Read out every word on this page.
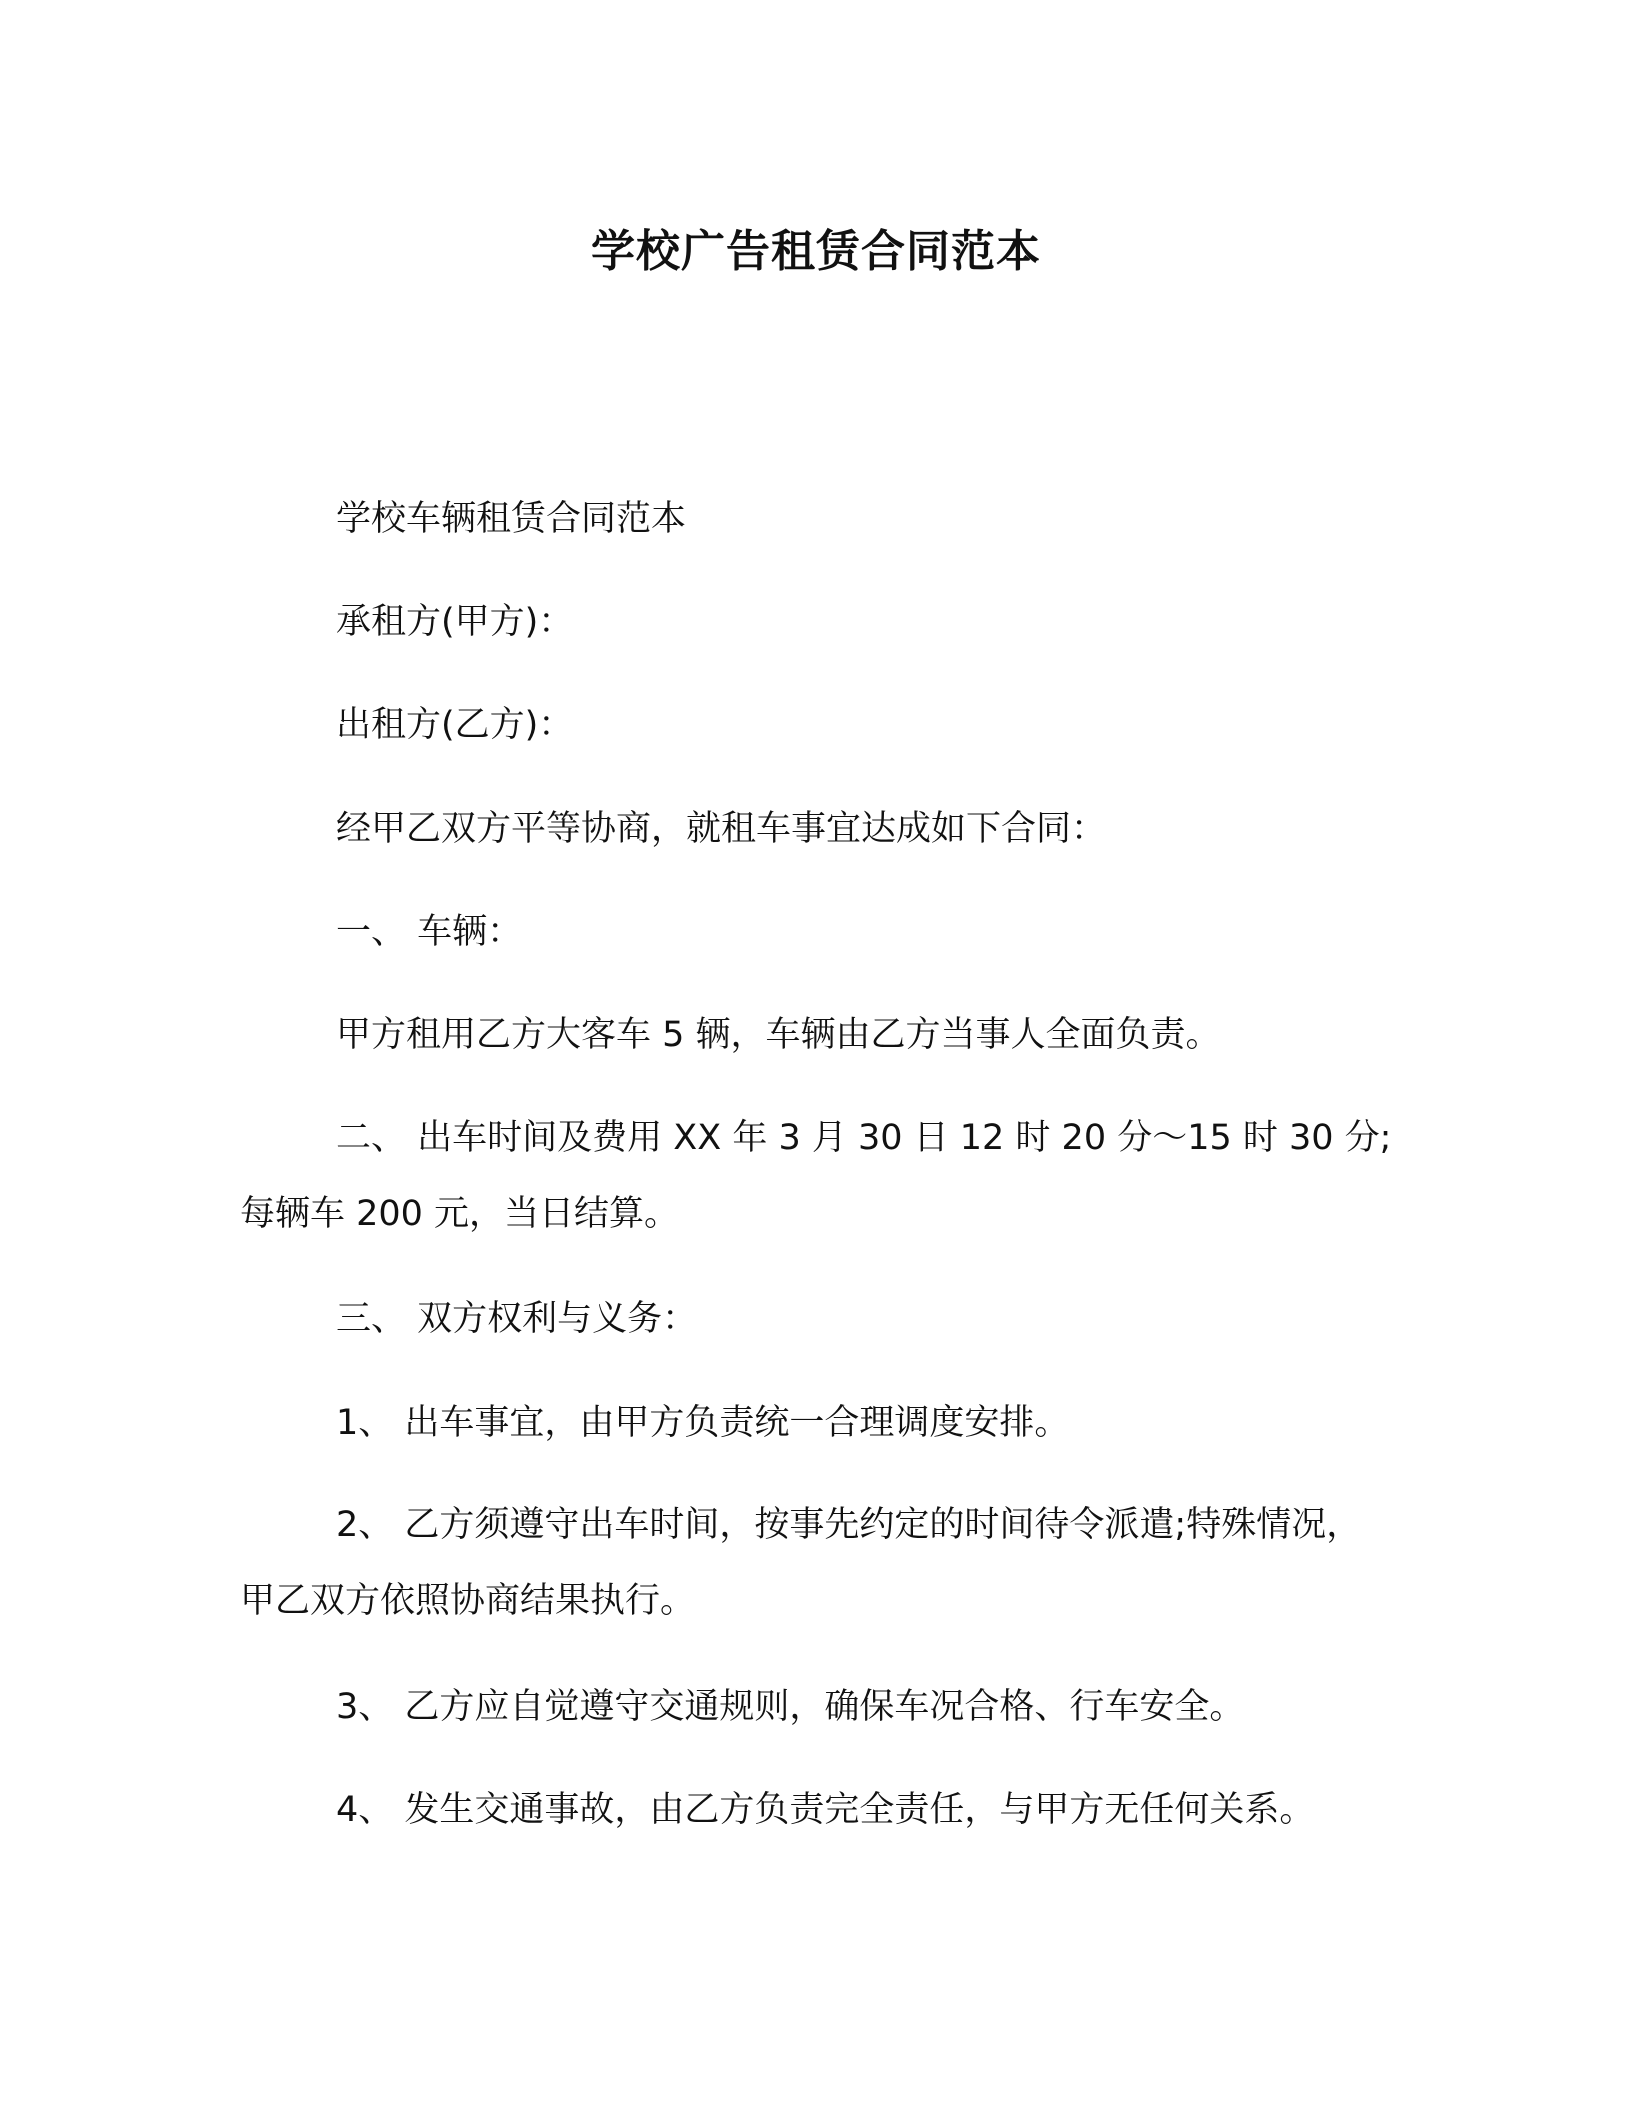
学校广告租赁合同范本
学校车辆租赁合同范本
承租方(甲方)：
出租方(乙方)：
经甲乙双方平等协商，就租车事宜达成如下合同：
一、 车辆：
甲方租用乙方大客车 5 辆，车辆由乙方当事人全面负责。
二、 出车时间及费用 XX 年 3 月 30 日 12 时 20 分～15 时 30 分;
每辆车 200 元，当日结算。
三、 双方权利与义务：
1、 出车事宜，由甲方负责统一合理调度安排。
2、 乙方须遵守出车时间，按事先约定的时间待令派遣;特殊情况，
甲乙双方依照协商结果执行。
3、 乙方应自觉遵守交通规则，确保车况合格、行车安全。
4、 发生交通事故，由乙方负责完全责任，与甲方无任何关系。
